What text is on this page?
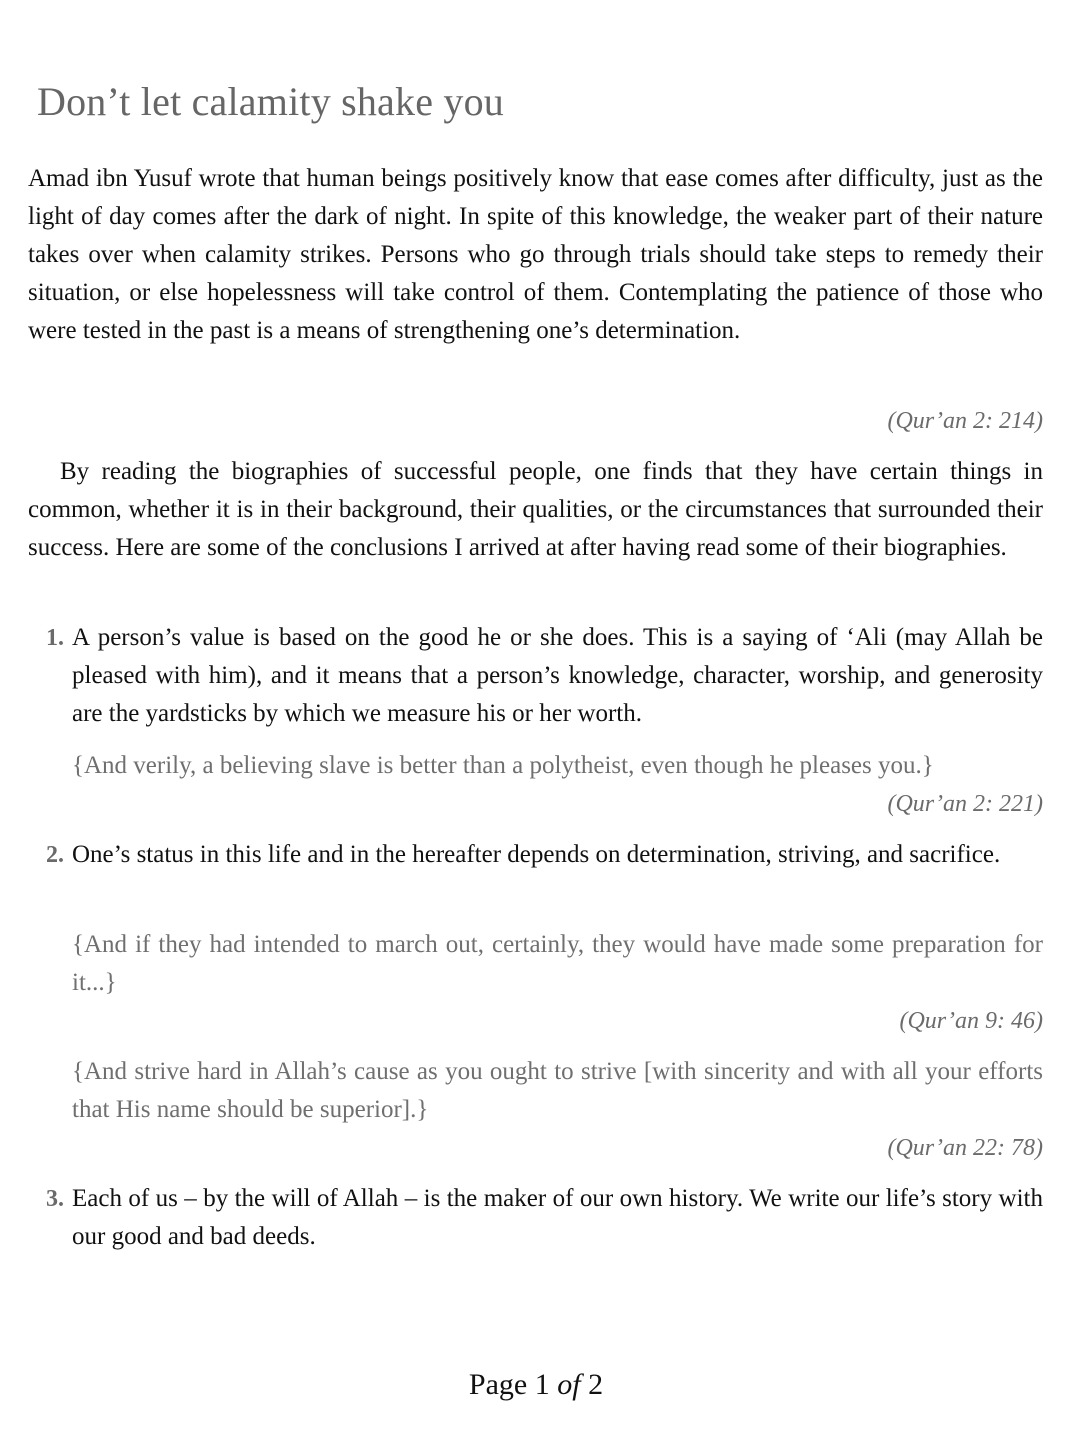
Don’t let calamity shake you

Amad ibn Yusuf wrote that human beings positively know that ease comes after difficulty, just as the light of day comes after the dark of night. In spite of this knowledge, the weaker part of their nature takes over when calamity strikes. Persons who go through trials should take steps to remedy their situation, or else hopelessness will take control of them. Contemplating the patience of those who were tested in the past is a means of strengthening one’s determination.

(Qur’an 2: 214)

By reading the biographies of successful people, one finds that they have certain things in common, whether it is in their background, their qualities, or the circumstances that surrounded their success. Here are some of the conclusions I arrived at after having read some of their biographies.

1. A person’s value is based on the good he or she does. This is a saying of ‘Ali (may Allah be pleased with him), and it means that a person’s knowledge, character, worship, and generosity are the yardsticks by which we measure his or her worth.

{And verily, a believing slave is better than a polytheist, even though he pleases you.}

(Qur’an 2: 221)

2. One’s status in this life and in the hereafter depends on determination, striving, and sacrifice.

{And if they had intended to march out, certainly, they would have made some preparation for it...}

(Qur’an 9: 46)

{And strive hard in Allah’s cause as you ought to strive [with sincerity and with all your efforts that His name should be superior].}

(Qur’an 22: 78)

3. Each of us – by the will of Allah – is the maker of our own history. We write our life’s story with our good and bad deeds.

Page 1 of 2
